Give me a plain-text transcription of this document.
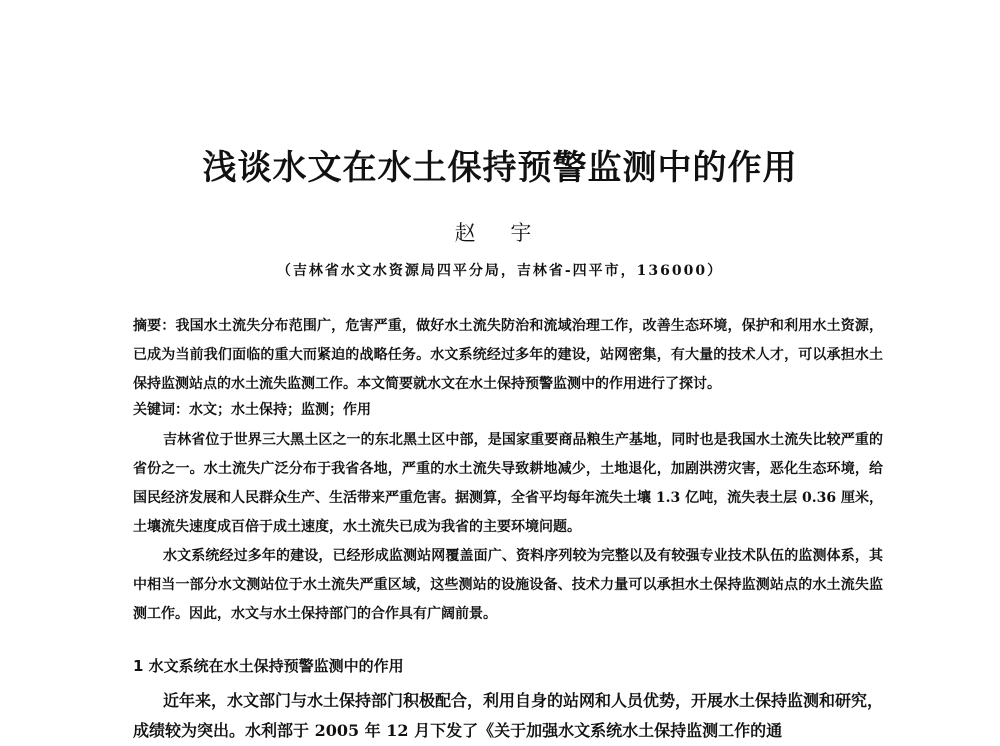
浅谈水文在水土保持预警监测中的作用

赵 宇

（吉林省水文水资源局四平分局，吉林省-四平市，136000）

摘要：我国水土流失分布范围广，危害严重，做好水土流失防治和流域治理工作，改善生态环境，保护和利用水土资源，已成为当前我们面临的重大而紧迫的战略任务。水文系统经过多年的建设，站网密集，有大量的技术人才，可以承担水土保持监测站点的水土流失监测工作。本文简要就水文在水土保持预警监测中的作用进行了探讨。

关键词：水文；水土保持；监测；作用

吉林省位于世界三大黑土区之一的东北黑土区中部，是国家重要商品粮生产基地，同时也是我国水土流失比较严重的省份之一。水土流失广泛分布于我省各地，严重的水土流失导致耕地减少，土地退化，加剧洪涝灾害，恶化生态环境，给国民经济发展和人民群众生产、生活带来严重危害。据测算，全省平均每年流失土壤 1.3 亿吨，流失表土层 0.36 厘米，土壤流失速度成百倍于成土速度，水土流失已成为我省的主要环境问题。

水文系统经过多年的建设，已经形成监测站网覆盖面广、资料序列较为完整以及有较强专业技术队伍的监测体系，其中相当一部分水文测站位于水土流失严重区域，这些测站的设施设备、技术力量可以承担水土保持监测站点的水土流失监测工作。因此，水文与水土保持部门的合作具有广阔前景。

1 水文系统在水土保持预警监测中的作用

近年来，水文部门与水土保持部门积极配合，利用自身的站网和人员优势，开展水土保持监测和研究，成绩较为突出。水利部于 2005 年 12 月下发了《关于加强水文系统水土保持监测工作的通
